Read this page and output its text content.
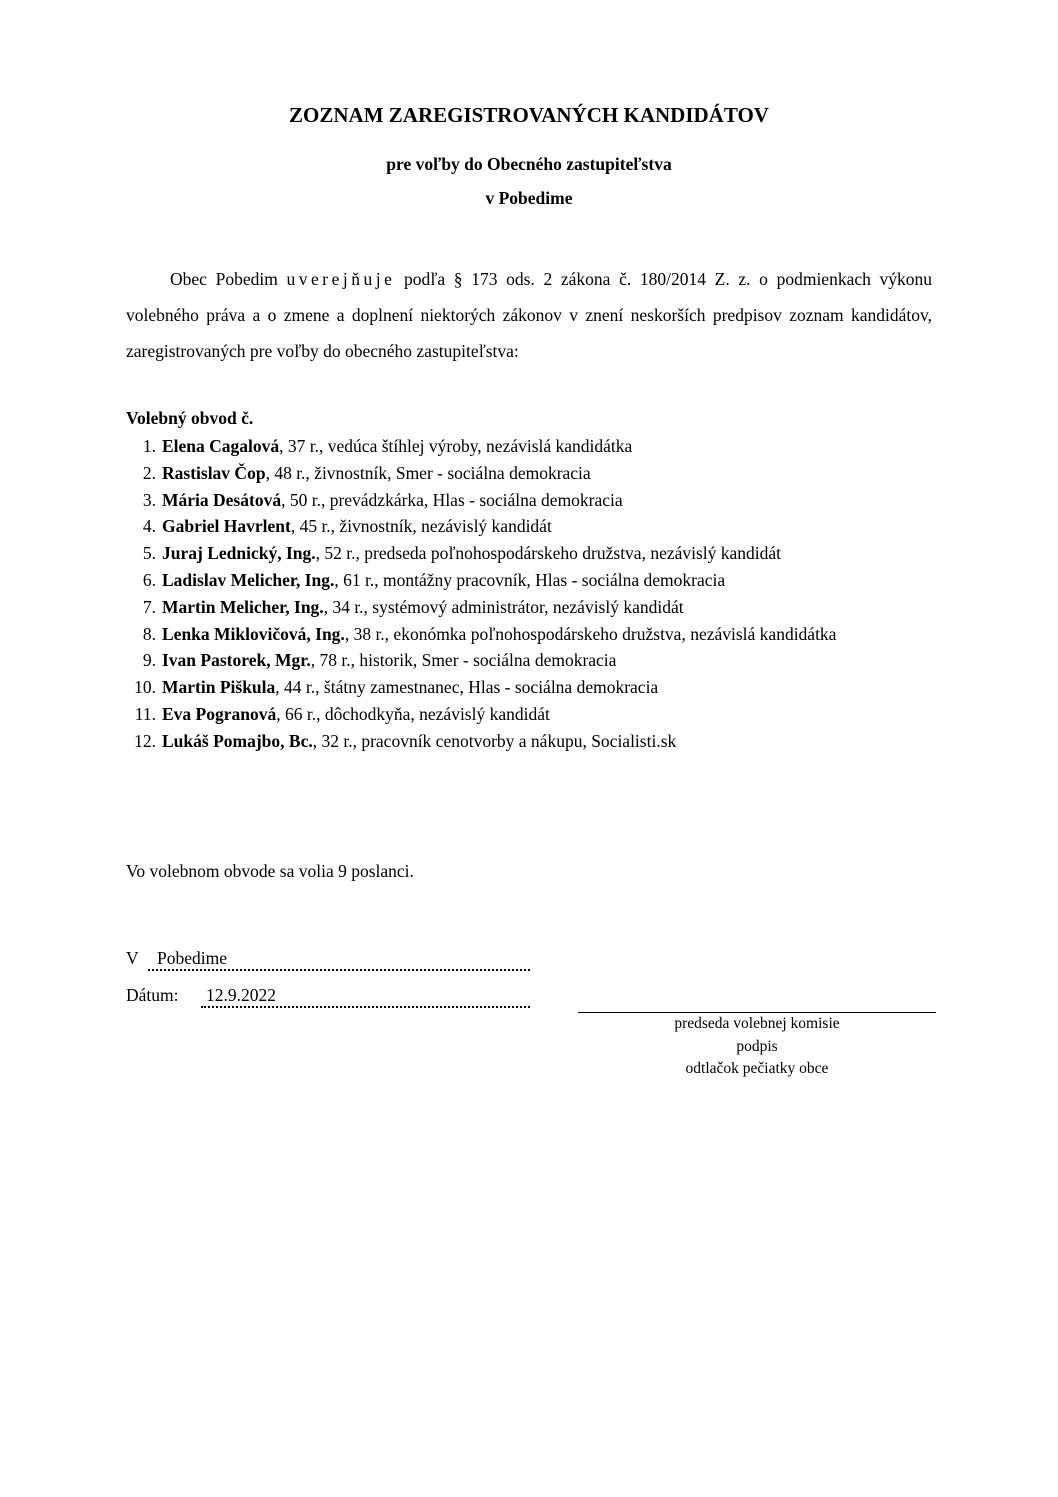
ZOZNAM ZAREGISTROVANÝCH KANDIDÁTOV
pre voľby do Obecného zastupiteľstva
v Pobedime
Obec Pobedim uverejňuje podľa § 173 ods. 2 zákona č. 180/2014 Z. z. o podmienkach výkonu volebného práva a o zmene a doplnení niektorých zákonov v znení neskorších predpisov zoznam kandidátov, zaregistrovaných pre voľby do obecného zastupiteľstva:
Volebný obvod č.
1. Elena Cagalová, 37 r., vedúca štíhlej výroby, nezávislá kandidátka
2. Rastislav Čop, 48 r., živnostník, Smer - sociálna demokracia
3. Mária Desátová, 50 r., prevádzkárka, Hlas - sociálna demokracia
4. Gabriel Havrlent, 45 r., živnostník, nezávislý kandidát
5. Juraj Lednický, Ing., 52 r., predseda poľnohospodárskeho družstva, nezávislý kandidát
6. Ladislav Melicher, Ing., 61 r., montážny pracovník, Hlas - sociálna demokracia
7. Martin Melicher, Ing., 34 r., systémový administrátor, nezávislý kandidát
8. Lenka Miklovičová, Ing., 38 r., ekonómka poľnohospodárskeho družstva, nezávislá kandidátka
9. Ivan Pastorek, Mgr., 78 r., historik, Smer - sociálna demokracia
10. Martin Piškula, 44 r., štátny zamestnanec, Hlas - sociálna demokracia
11. Eva Pogranová, 66 r., dôchodkyňa, nezávislý kandidát
12. Lukáš Pomajbo, Bc., 32 r., pracovník cenotvorby a nákupu, Socialisti.sk
Vo volebnom obvode sa volia 9 poslanci.
V Pobedime
Dátum: 12.9.2022
predseda volebnej komisie
podpis
odtlačok pečiatky obce
